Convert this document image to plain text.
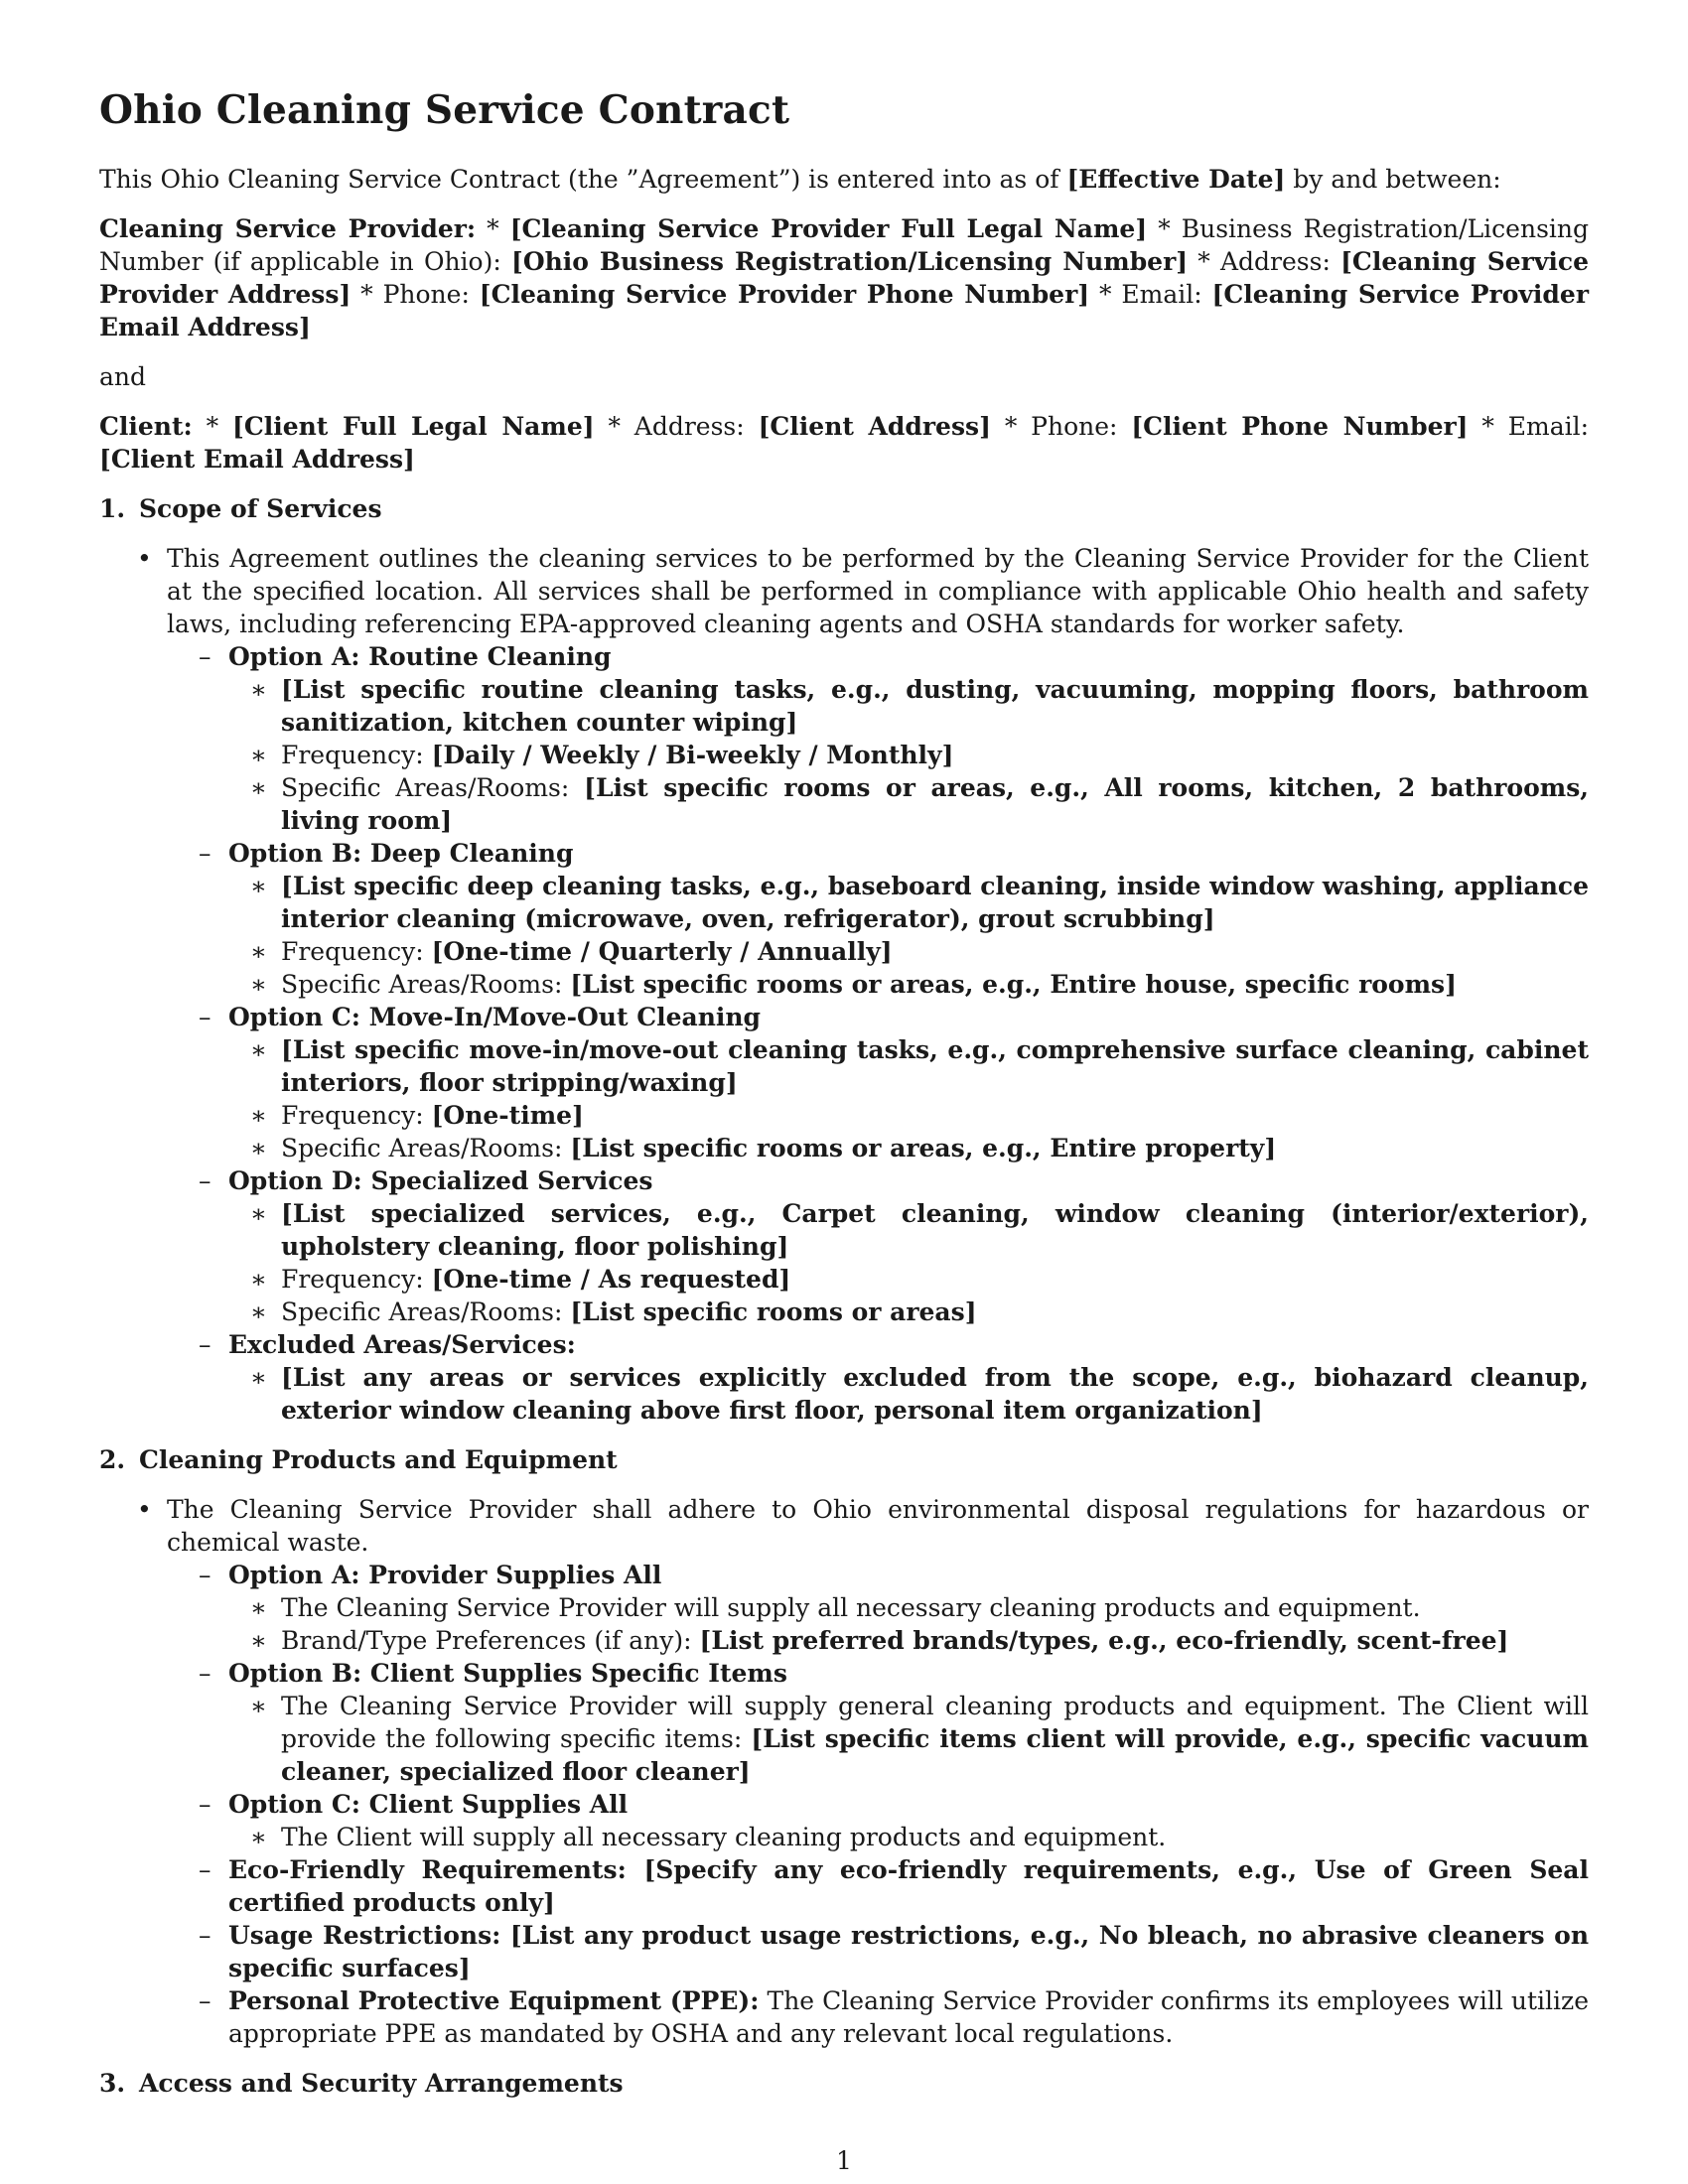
Ohio Cleaning Service Contract

This Ohio Cleaning Service Contract (the ”Agreement”) is entered into as of [Effective Date] by and between:

Cleaning Service Provider: * [Cleaning Service Provider Full Legal Name] * Business Registration/Licensing Number (if applicable in Ohio): [Ohio Business Registration/Licensing Number] * Address: [Cleaning Service Provider Address] * Phone: [Cleaning Service Provider Phone Number] * Email: [Cleaning Service Provider Email Address]

and

Client: * [Client Full Legal Name] * Address: [Client Address] * Phone: [Client Phone Number] * Email: [Client Email Address]

1. Scope of Services
• This Agreement outlines the cleaning services to be performed by the Cleaning Service Provider for the Client at the specified location. All services shall be performed in compliance with applicable Ohio health and safety laws, including referencing EPA-approved cleaning agents and OSHA standards for worker safety.
– Option A: Routine Cleaning
∗ [List specific routine cleaning tasks, e.g., dusting, vacuuming, mopping floors, bathroom sanitization, kitchen counter wiping]
∗ Frequency: [Daily / Weekly / Bi-weekly / Monthly]
∗ Specific Areas/Rooms: [List specific rooms or areas, e.g., All rooms, kitchen, 2 bathrooms, living room]
– Option B: Deep Cleaning
∗ [List specific deep cleaning tasks, e.g., baseboard cleaning, inside window washing, appliance interior cleaning (microwave, oven, refrigerator), grout scrubbing]
∗ Frequency: [One-time / Quarterly / Annually]
∗ Specific Areas/Rooms: [List specific rooms or areas, e.g., Entire house, specific rooms]
– Option C: Move-In/Move-Out Cleaning
∗ [List specific move-in/move-out cleaning tasks, e.g., comprehensive surface cleaning, cabinet interiors, floor stripping/waxing]
∗ Frequency: [One-time]
∗ Specific Areas/Rooms: [List specific rooms or areas, e.g., Entire property]
– Option D: Specialized Services
∗ [List specialized services, e.g., Carpet cleaning, window cleaning (interior/exterior), upholstery cleaning, floor polishing]
∗ Frequency: [One-time / As requested]
∗ Specific Areas/Rooms: [List specific rooms or areas]
– Excluded Areas/Services:
∗ [List any areas or services explicitly excluded from the scope, e.g., biohazard cleanup, exterior window cleaning above first floor, personal item organization]
2. Cleaning Products and Equipment
• The Cleaning Service Provider shall adhere to Ohio environmental disposal regulations for hazardous or chemical waste.
– Option A: Provider Supplies All
∗ The Cleaning Service Provider will supply all necessary cleaning products and equipment.
∗ Brand/Type Preferences (if any): [List preferred brands/types, e.g., eco-friendly, scent-free]
– Option B: Client Supplies Specific Items
∗ The Cleaning Service Provider will supply general cleaning products and equipment. The Client will provide the following specific items: [List specific items client will provide, e.g., specific vacuum cleaner, specialized floor cleaner]
– Option C: Client Supplies All
∗ The Client will supply all necessary cleaning products and equipment.
– Eco-Friendly Requirements: [Specify any eco-friendly requirements, e.g., Use of Green Seal certified products only]
– Usage Restrictions: [List any product usage restrictions, e.g., No bleach, no abrasive cleaners on specific surfaces]
– Personal Protective Equipment (PPE): The Cleaning Service Provider confirms its employees will utilize appropriate PPE as mandated by OSHA and any relevant local regulations.
3. Access and Security Arrangements
1
